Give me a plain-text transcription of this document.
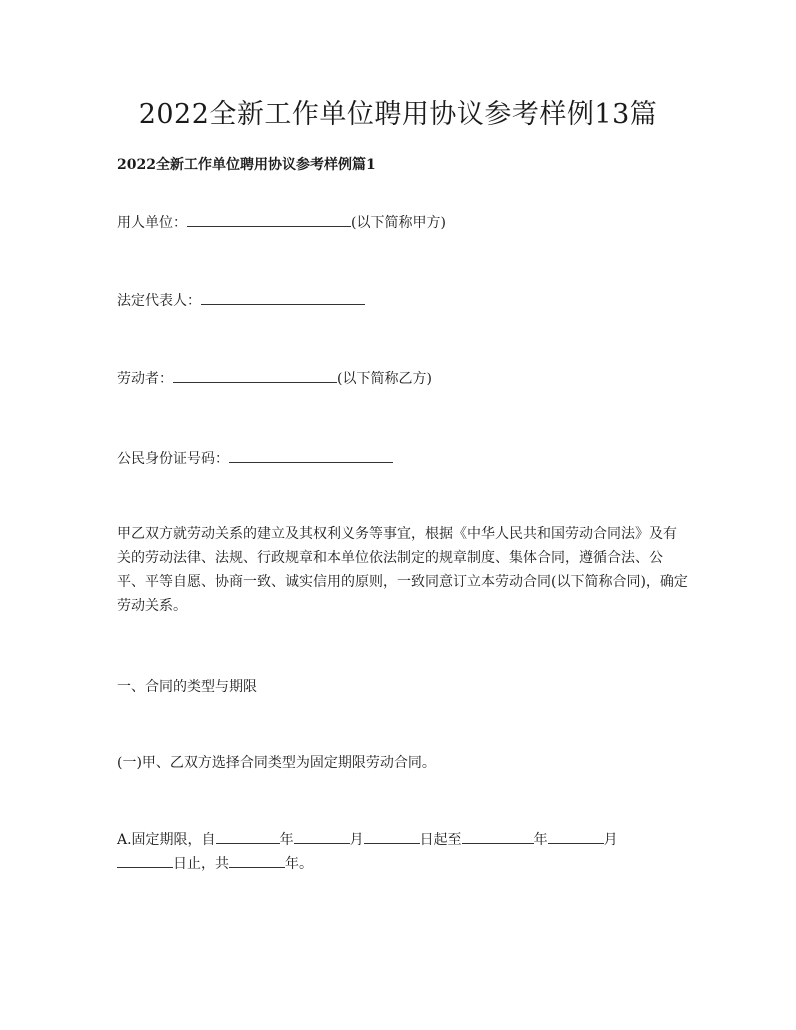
2022全新工作单位聘用协议参考样例13篇
2022全新工作单位聘用协议参考样例篇1
用人单位：	(以下简称甲方)
法定代表人：
劳动者：	(以下简称乙方)
公民身份证号码：
甲乙双方就劳动关系的建立及其权利义务等事宜，根据《中华人民共和国劳动合同法》及有关的劳动法律、法规、行政规章和本单位依法制定的规章制度、集体合同，遵循合法、公平、平等自愿、协商一致、诚实信用的原则，一致同意订立本劳动合同(以下简称合同)，确定劳动关系。
一、合同的类型与期限
(一)甲、乙双方选择合同类型为固定期限劳动合同。
A.固定期限，自	年	月	日起至	年	月
日止，共	年。
